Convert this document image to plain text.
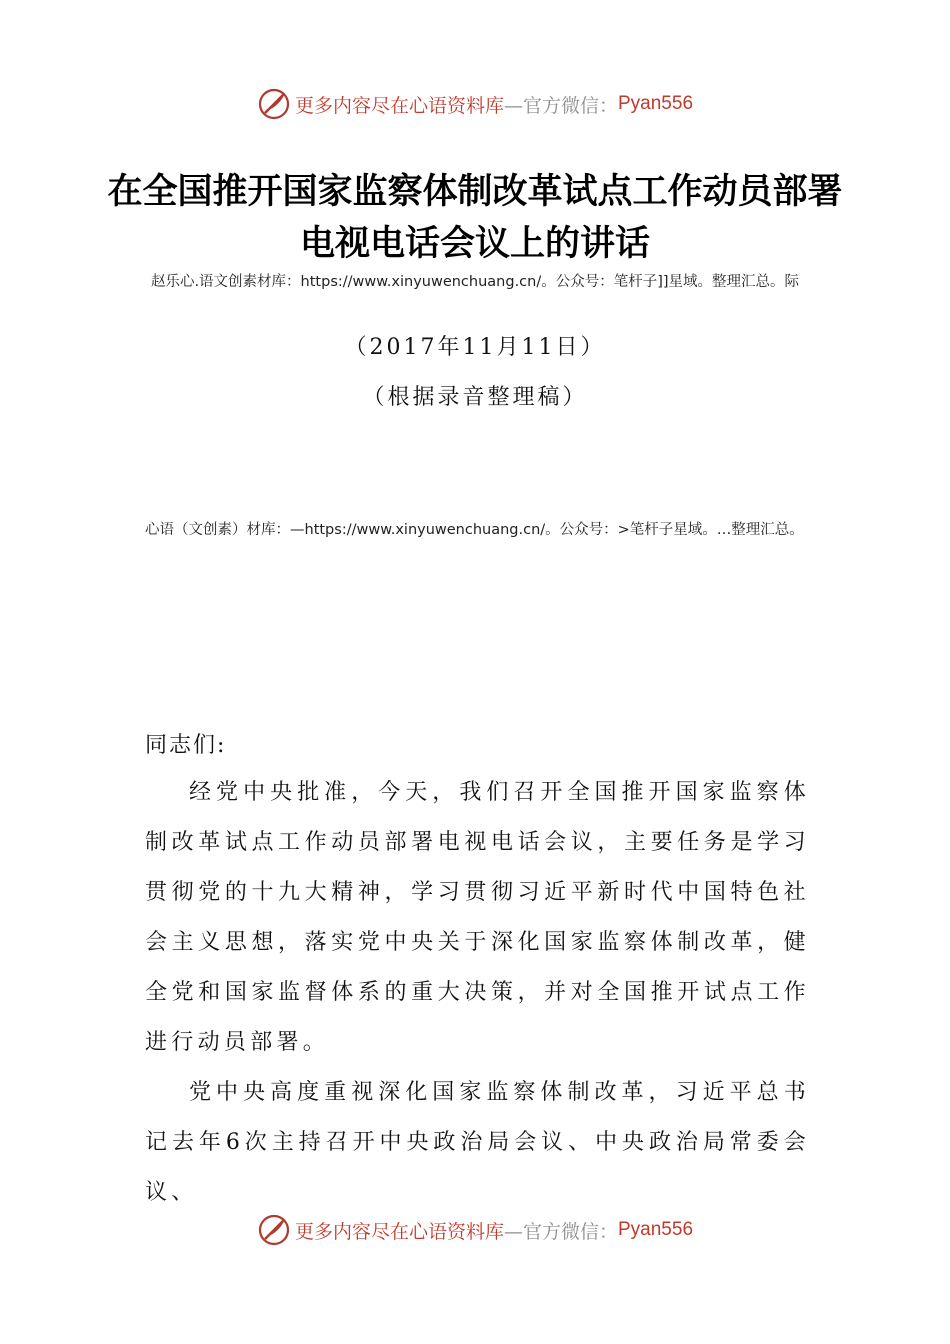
更多内容尽在心语资料库 —官方微信： Pyan556
在全国推开国家监察体制改革试点工作动员部署电视电话会议上的讲话
赵乐心.语文创素材库：https://www.xinyuwenchuang.cn/。公众号：笔杆子]]星域。整理汇总。际
（2017年11月11日）
（根据录音整理稿）
心语（文创素）材库：—https://www.xinyuwenchuang.cn/。公众号：>笔杆子星域。…整理汇总。
同志们:

经党中央批准，今天，我们召开全国推开国家监察体制改革试点工作动员部署电视电话会议，主要任务是学习贯彻党的十九大精神，学习贯彻习近平新时代中国特色社会主义思想，落实党中央关于深化国家监察体制改革，健全党和国家监督体系的重大决策，并对全国推开试点工作进行动员部署。

党中央高度重视深化国家监察体制改革，习近平总书记去年6次主持召开中央政治局会议、中央政治局常委会议、

更多内容尽在心语资料库 —官方微信： Pyan556
